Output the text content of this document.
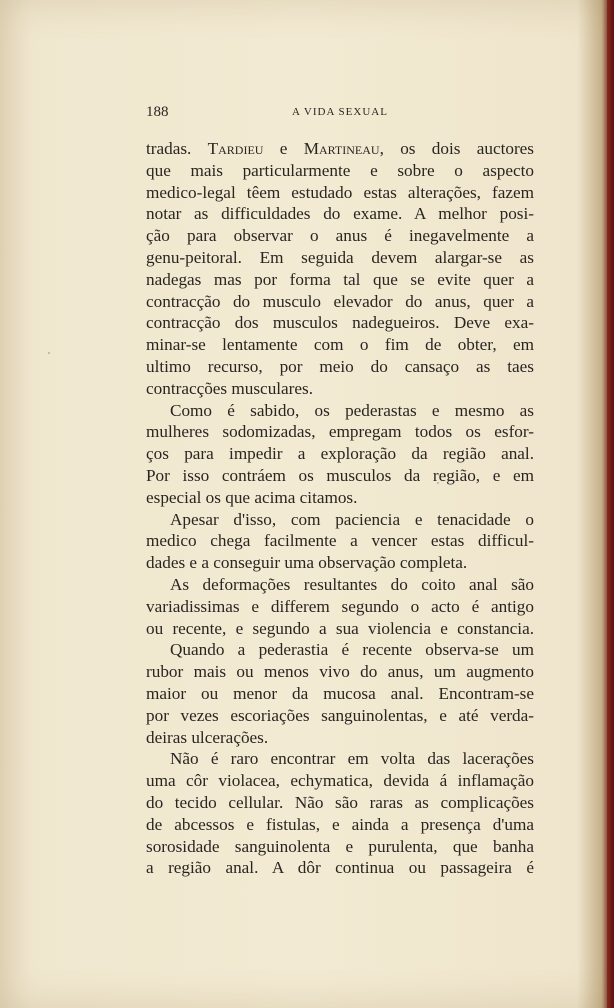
188	A VIDA SEXUAL
tradas. Tardieu e Martineau, os dois auctores
que mais particularmente e sobre o aspecto
medico-legal têem estudado estas alterações, fazem
notar as difficuldades do exame. A melhor posi-
ção para observar o anus é inegavelmente a
genu-peitoral. Em seguida devem alargar-se as
nadegas mas por forma tal que se evite quer a
contracção do musculo elevador do anus, quer a
contracção dos musculos nadegueiros. Deve exa-
minar-se lentamente com o fim de obter, em
ultimo recurso, por meio do cansaço as taes
contracções musculares.
Como é sabido, os pederastas e mesmo as
mulheres sodomizadas, empregam todos os esfor-
ços para impedir a exploração da região anal.
Por isso contráem os musculos da região, e em
especial os que acima citamos.
Apesar d'isso, com paciencia e tenacidade o
medico chega facilmente a vencer estas difficul-
dades e a conseguir uma observação completa.
As deformações resultantes do coito anal são
variadissimas e differem segundo o acto é antigo
ou recente, e segundo a sua violencia e constancia.
Quando a pederastia é recente observa-se um
rubor mais ou menos vivo do anus, um augmento
maior ou menor da mucosa anal. Encontram-se
por vezes escoriações sanguinolentas, e até verda-
deiras ulcerações.
Não é raro encontrar em volta das lacerações
uma côr violacea, echymatica, devida á inflamação
do tecido cellular. Não são raras as complicações
de abcessos e fistulas, e ainda a presença d'uma
sorosidade sanguinolenta e purulenta, que banha
a região anal. A dôr continua ou passageira é
